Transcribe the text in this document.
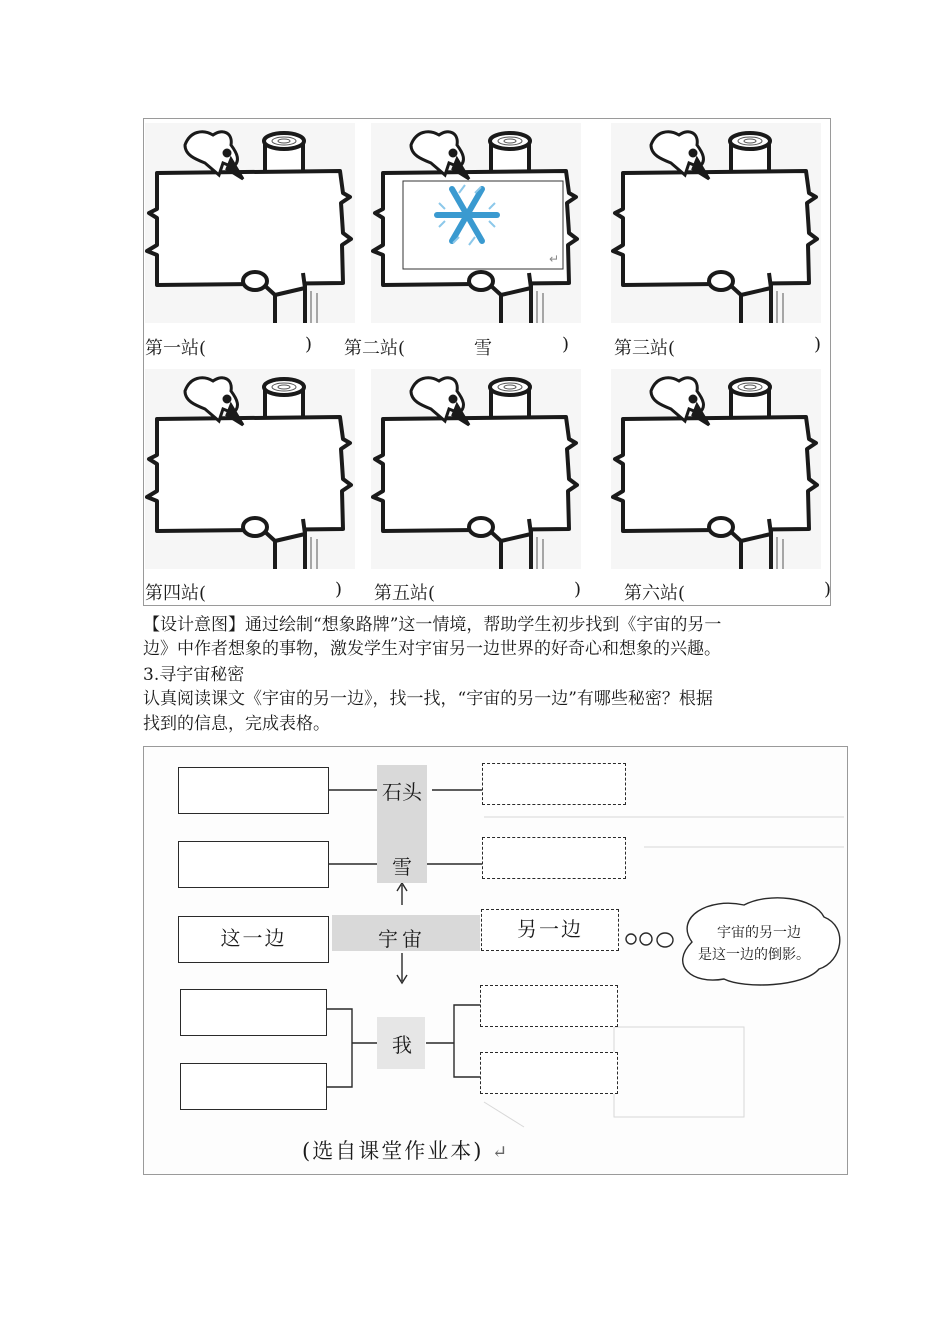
第一站(	)
↵
第二站(	雪	) 第三站(	)
第四站(	) 第五站(	) 第六站(	)
【设计意图】通过绘制“想象路牌”这一情境，帮助学生初步找到《宇宙的另一
边》中作者想象的事物，激发学生对宇宙另一边世界的好奇心和想象的兴趣。
3.寻宇宙秘密
认真阅读课文《宇宙的另一边》，找一找，“宇宙的另一边”有哪些秘密？根据
找到的信息，完成表格。
石头
雪
宇宙
我
这一边	另一边	宇宙的另一边
是这一边的倒影。
(选自课堂作业本) ↵
